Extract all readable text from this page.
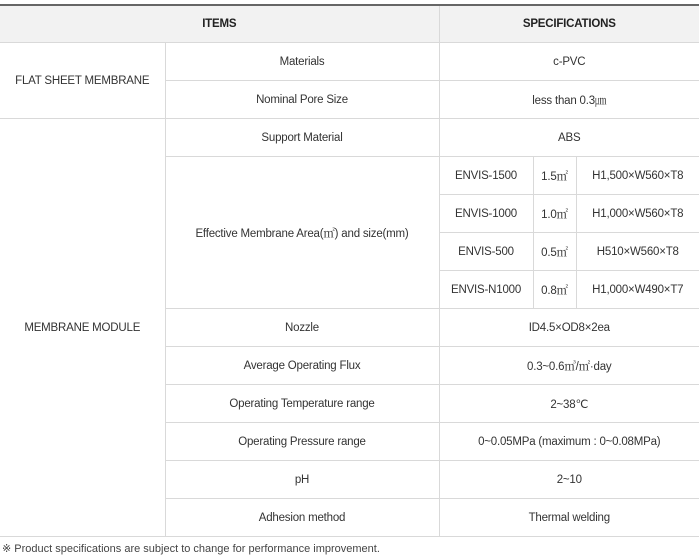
ITEMS		SPECIFICATIONS		
FLAT SHEET MEMBRANE	Materials	c-PVC		
	Nominal Pore Size	less than 0.3㎛		
MEMBRANE MODULE	Support Material	ABS		
	Effective Membrane Area(㎡) and size(mm)	ENVIS-1500	1.5㎡	H1,500×W560×T8
		ENVIS-1000	1.0㎡	H1,000×W560×T8
		ENVIS-500	0.5㎡	H510×W560×T8
		ENVIS-N1000	0.8㎡	H1,000×W490×T7
	Nozzle	ID4.5×OD8×2ea		
	Average Operating Flux	0.3~0.6㎥/㎡·day		
	Operating Temperature range	2~38℃		
	Operating Pressure range	0~0.05MPa (maximum : 0~0.08MPa)		
	pH	2~10		
	Adhesion method	Thermal welding		
※ Product specifications are subject to change for performance improvement.
